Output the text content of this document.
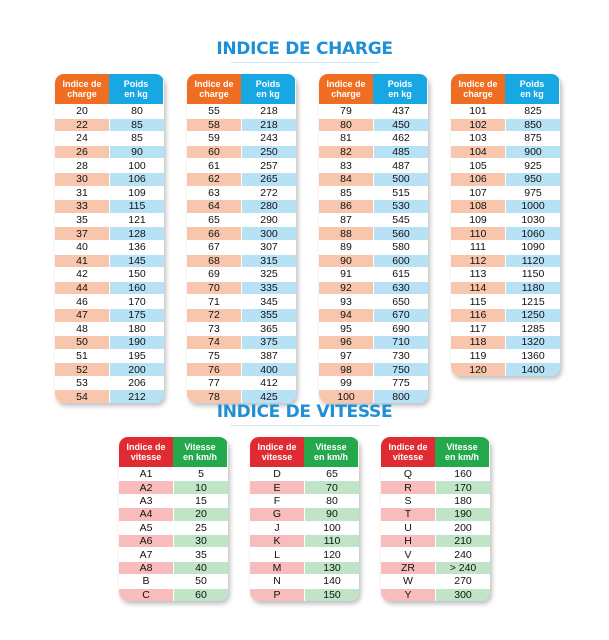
INDICE DE CHARGE
Indice de
charge
Poids
en kg
20	80
22	85
24	85
26	90
28	100
30	106
31	109
33	115
35	121
37	128
40	136
41	145
42	150
44	160
46	170
47	175
48	180
50	190
51	195
52	200
53	206
54	212
Indice de
charge
Poids
en kg
55	218
58	218
59	243
60	250
61	257
62	265
63	272
64	280
65	290
66	300
67	307
68	315
69	325
70	335
71	345
72	355
73	365
74	375
75	387
76	400
77	412
78	425
Indice de
charge
Poids
en kg
79	437
80	450
81	462
82	485
83	487
84	500
85	515
86	530
87	545
88	560
89	580
90	600
91	615
92	630
93	650
94	670
95	690
96	710
97	730
98	750
99	775
100	800
Indice de
charge
Poids
en kg
101	825
102	850
103	875
104	900
105	925
106	950
107	975
108	1000
109	1030
110	1060
111	1090
112	1120
113	1150
114	1180
115	1215
116	1250
117	1285
118	1320
119	1360
120	1400
INDICE DE VITESSE
Indice de
vitesse
Vitesse
en km/h
A1	5
A2	10
A3	15
A4	20
A5	25
A6	30
A7	35
A8	40
B	50
C	60
Indice de
vitesse
Vitesse
en km/h
D	65
E	70
F	80
G	90
J	100
K	110
L	120
M	130
N	140
P	150
Indice de
vitesse
Vitesse
en km/h
Q	160
R	170
S	180
T	190
U	200
H	210
V	240
ZR	> 240
W	270
Y	300
